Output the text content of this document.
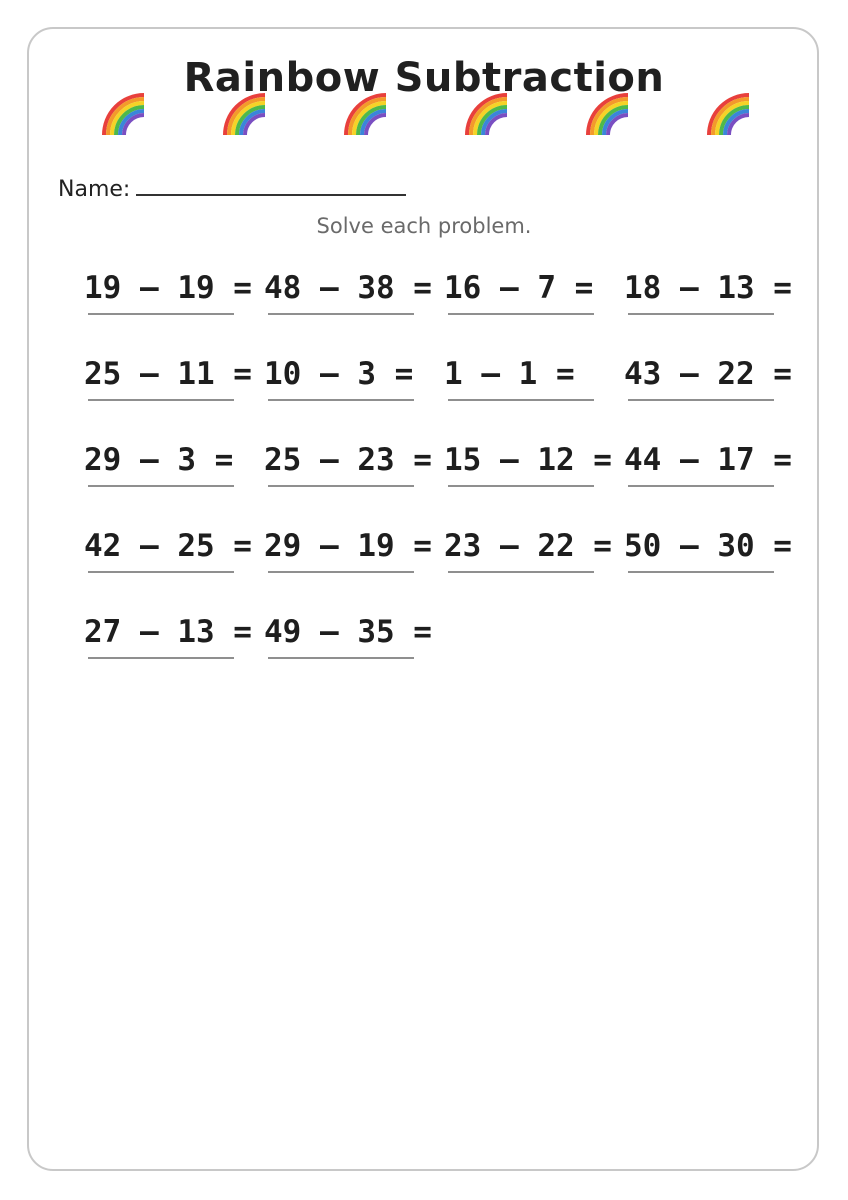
Rainbow Subtraction
Name:
Solve each problem.
19 – 19 = 48 – 38 = 16 – 7 = 18 – 13 =
25 – 11 = 10 – 3 = 1 – 1 = 43 – 22 =
29 – 3 = 25 – 23 = 15 – 12 = 44 – 17 =
42 – 25 = 29 – 19 = 23 – 22 = 50 – 30 =
27 – 13 = 49 – 35 =
